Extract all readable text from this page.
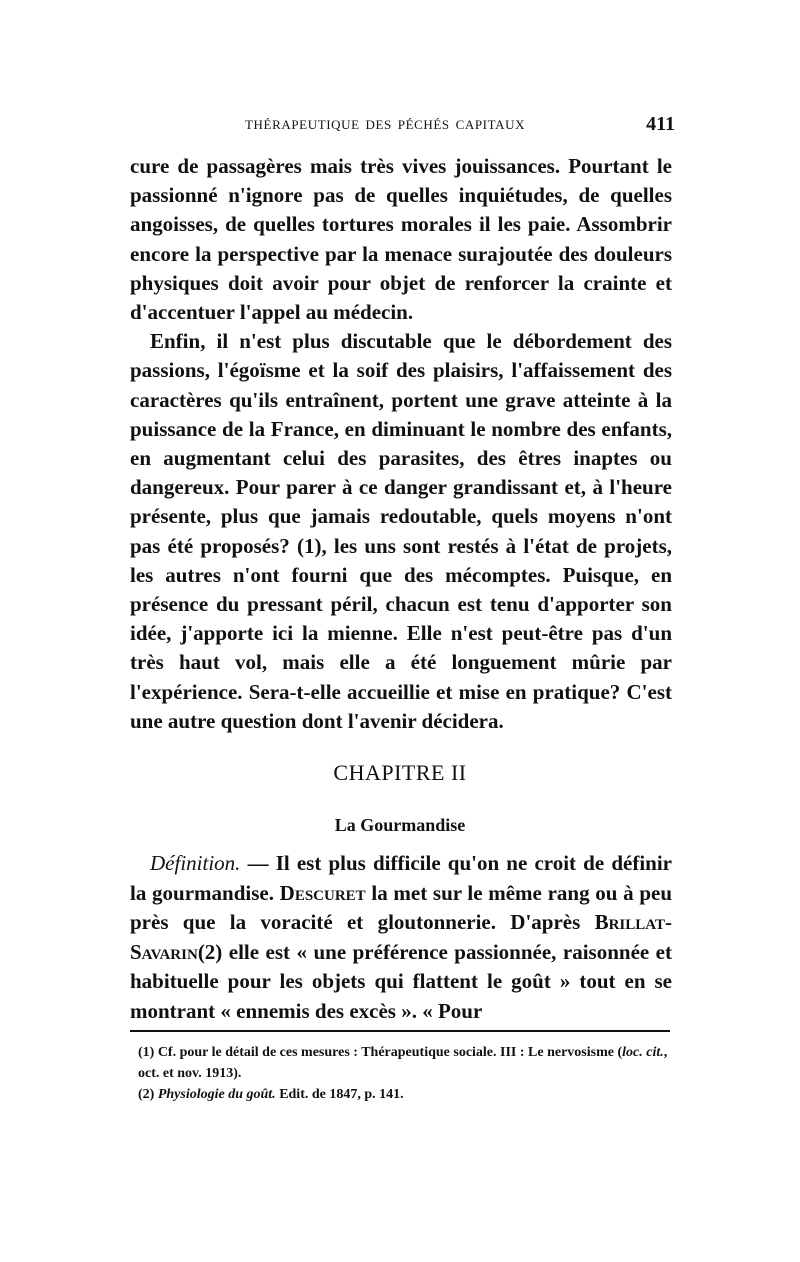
THÉRAPEUTIQUE DES PÉCHÉS CAPITAUX	411

cure de passagères mais très vives jouissances. Pourtant le passionné n'ignore pas de quelles inquiétudes, de quelles angoisses, de quelles tortures morales il les paie. Assombrir encore la perspective par la menace surajoutée des douleurs physiques doit avoir pour objet de renforcer la crainte et d'accentuer l'appel au médecin.

Enfin, il n'est plus discutable que le débordement des passions, l'égoïsme et la soif des plaisirs, l'affaissement des caractères qu'ils entraînent, portent une grave atteinte à la puissance de la France, en diminuant le nombre des enfants, en augmentant celui des parasites, des êtres inaptes ou dangereux. Pour parer à ce danger grandissant et, à l'heure présente, plus que jamais redoutable, quels moyens n'ont pas été proposés? (1), les uns sont restés à l'état de projets, les autres n'ont fourni que des mécomptes. Puisque, en présence du pressant péril, chacun est tenu d'apporter son idée, j'apporte ici la mienne. Elle n'est peut-être pas d'un très haut vol, mais elle a été longuement mûrie par l'expérience. Sera-t-elle accueillie et mise en pratique? C'est une autre question dont l'avenir décidera.

CHAPITRE II
La Gourmandise

Définition. — Il est plus difficile qu'on ne croit de définir la gourmandise. Descuret la met sur le même rang ou à peu près que la voracité et gloutonnerie. D'après Brillat-Savarin(2) elle est « une préférence passionnée, raisonnée et habituelle pour les objets qui flattent le goût » tout en se montrant « ennemis des excès ». « Pour

(1) Cf. pour le détail de ces mesures : Thérapeutique sociale. III : Le nervosisme (loc. cit., oct. et nov. 1913).

(2) Physiologie du goût. Edit. de 1847, p. 141.
